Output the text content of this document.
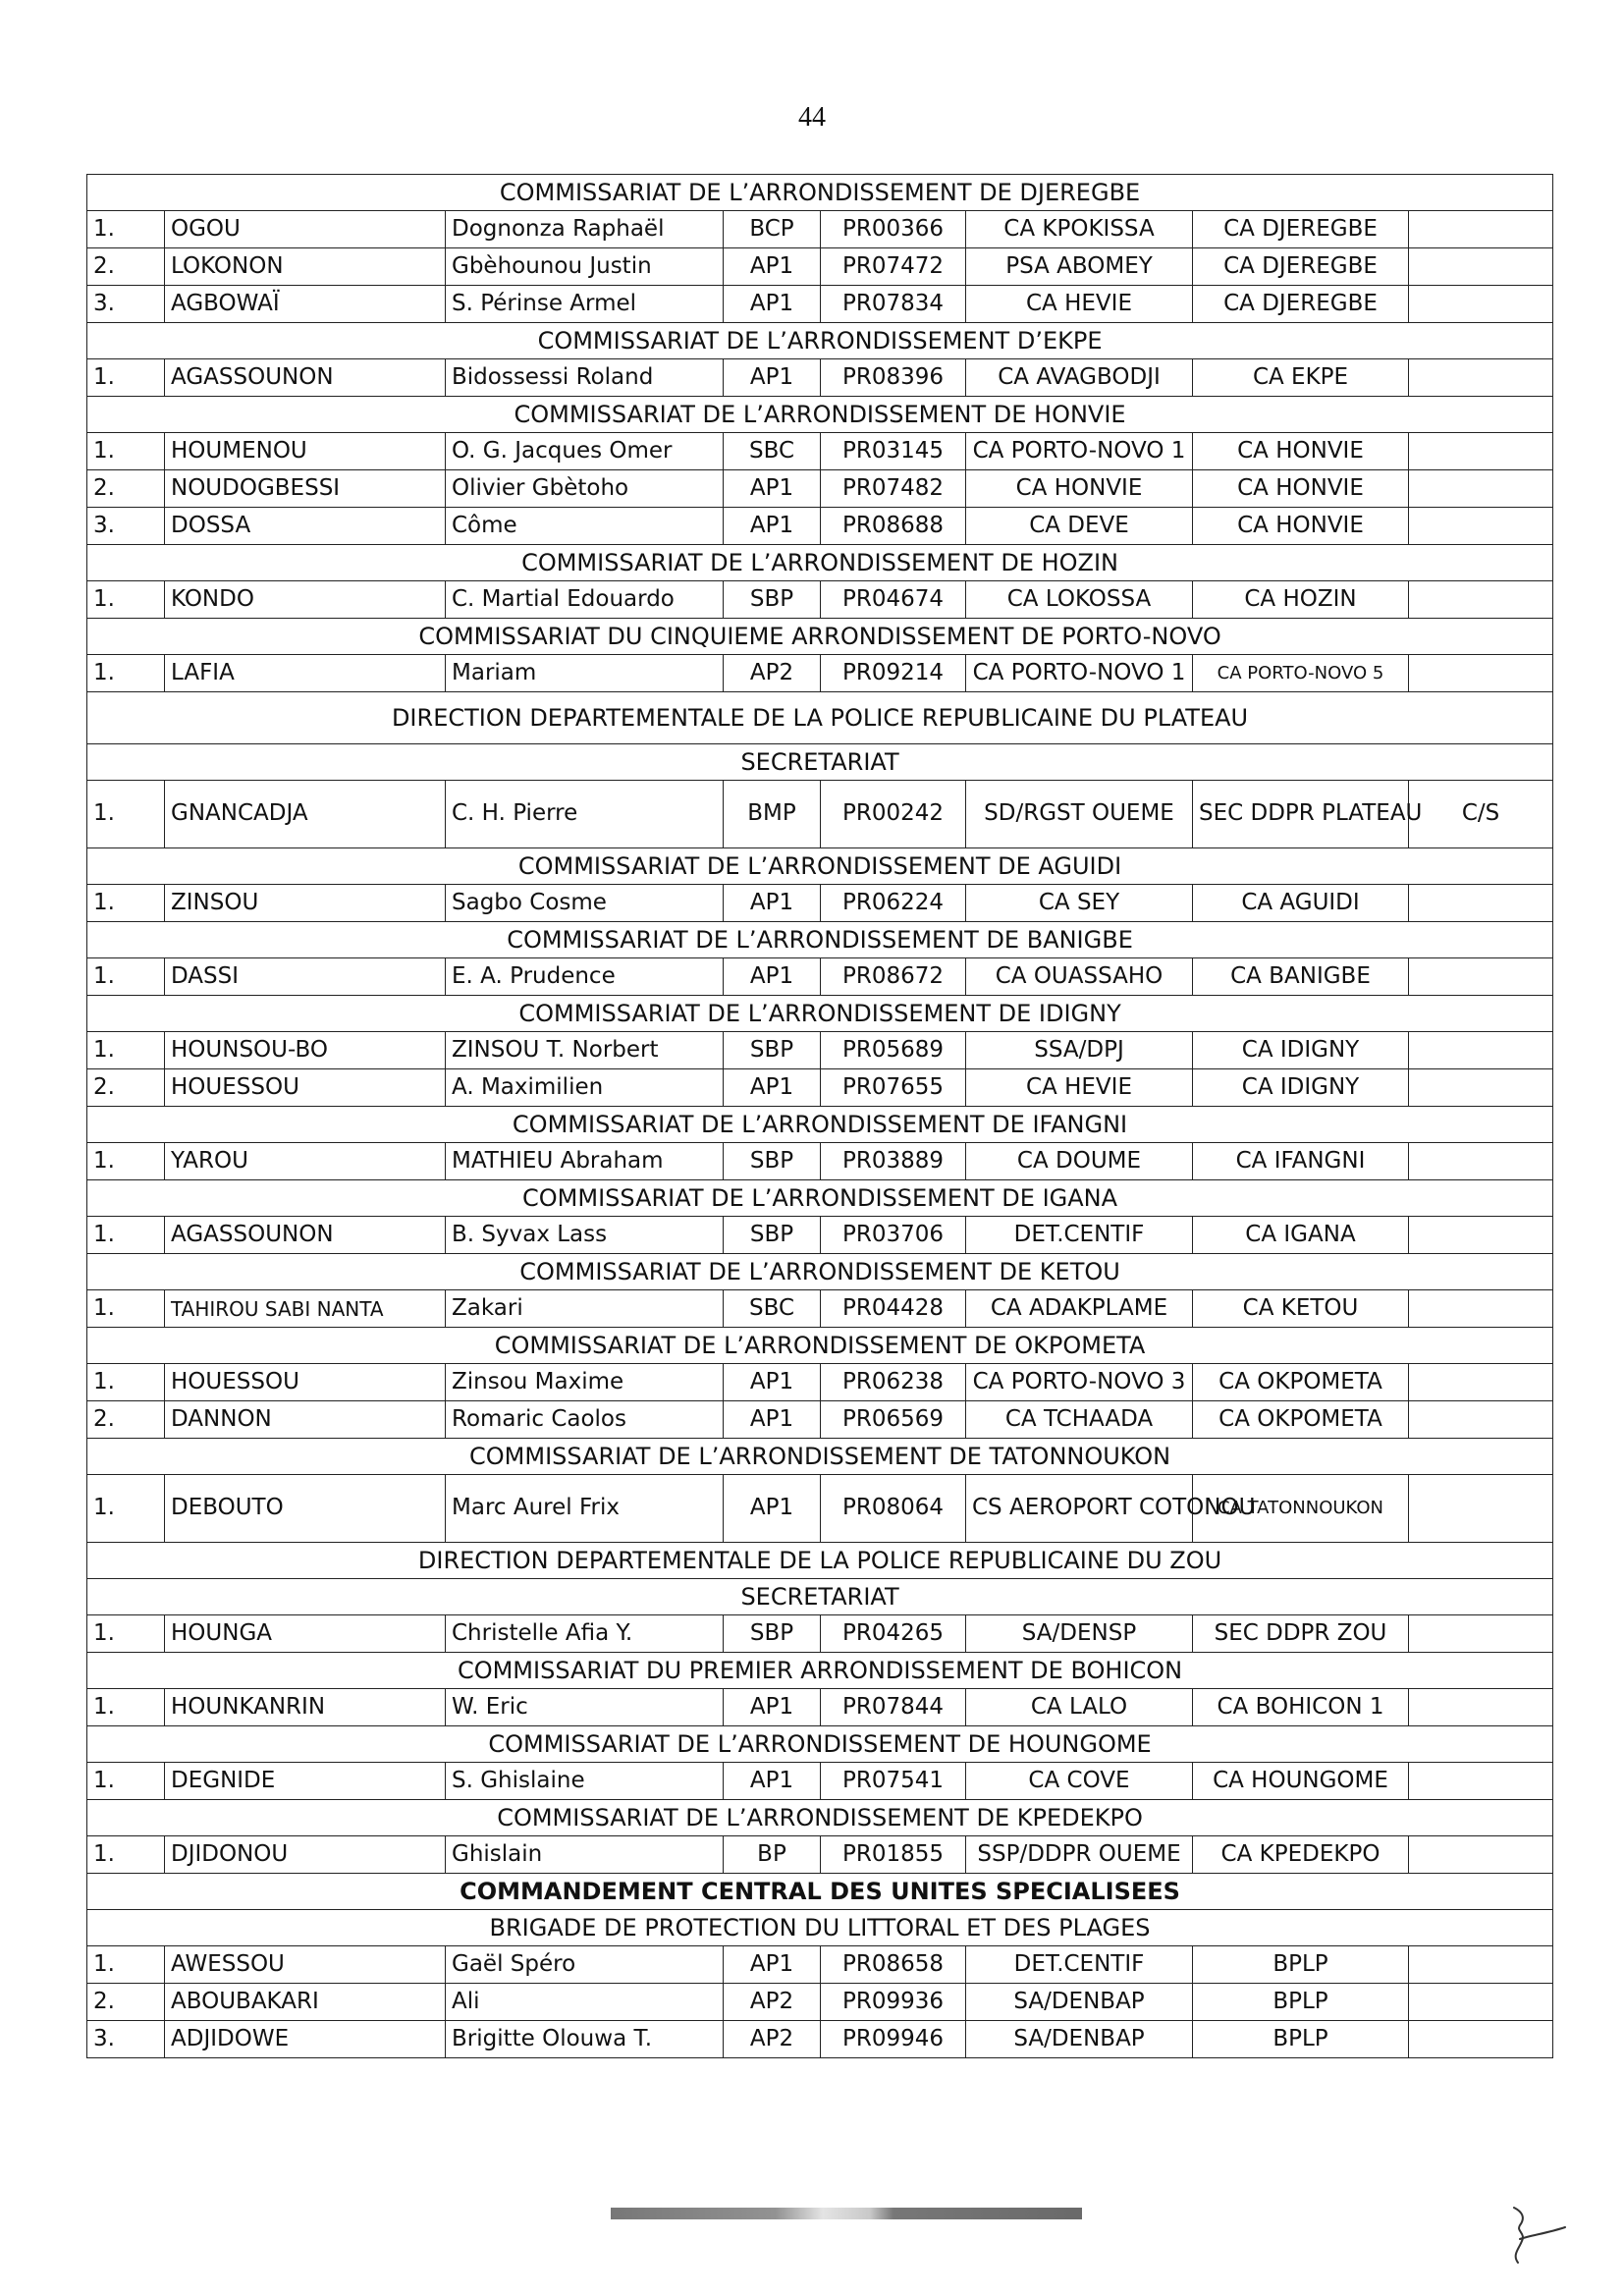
44
COMMISSARIAT DE L’ARRONDISSEMENT DE DJEREGBE							
1.	OGOU	Dognonza Raphaël	BCP	PR00366	CA KPOKISSA	CA DJEREGBE	
2.	LOKONON	Gbèhounou Justin	AP1	PR07472	PSA ABOMEY	CA DJEREGBE	
3.	AGBOWAÏ	S. Périnse Armel	AP1	PR07834	CA HEVIE	CA DJEREGBE	
COMMISSARIAT DE L’ARRONDISSEMENT D’EKPE							
1.	AGASSOUNON	Bidossessi Roland	AP1	PR08396	CA AVAGBODJI	CA EKPE	
COMMISSARIAT DE L’ARRONDISSEMENT DE HONVIE							
1.	HOUMENOU	O. G. Jacques Omer	SBC	PR03145	CA PORTO-NOVO 1	CA HONVIE	
2.	NOUDOGBESSI	Olivier Gbètoho	AP1	PR07482	CA HONVIE	CA HONVIE	
3.	DOSSA	Côme	AP1	PR08688	CA DEVE	CA HONVIE	
COMMISSARIAT DE L’ARRONDISSEMENT DE HOZIN							
1.	KONDO	C. Martial Edouardo	SBP	PR04674	CA LOKOSSA	CA HOZIN	
COMMISSARIAT DU CINQUIEME ARRONDISSEMENT DE PORTO-NOVO							
1.	LAFIA	Mariam	AP2	PR09214	CA PORTO-NOVO 1	CA PORTO-NOVO 5	
DIRECTION DEPARTEMENTALE DE LA POLICE REPUBLICAINE DU PLATEAU							
SECRETARIAT							
1.	GNANCADJA	C. H. Pierre	BMP	PR00242	SD/RGST OUEME	SEC DDPR PLATEAU	C/S
COMMISSARIAT DE L’ARRONDISSEMENT DE AGUIDI							
1.	ZINSOU	Sagbo Cosme	AP1	PR06224	CA SEY	CA AGUIDI	
COMMISSARIAT DE L’ARRONDISSEMENT DE BANIGBE							
1.	DASSI	E. A. Prudence	AP1	PR08672	CA OUASSAHO	CA BANIGBE	
COMMISSARIAT DE L’ARRONDISSEMENT DE IDIGNY							
1.	HOUNSOU-BO	ZINSOU T. Norbert	SBP	PR05689	SSA/DPJ	CA IDIGNY	
2.	HOUESSOU	A. Maximilien	AP1	PR07655	CA HEVIE	CA IDIGNY	
COMMISSARIAT DE L’ARRONDISSEMENT DE IFANGNI							
1.	YAROU	MATHIEU Abraham	SBP	PR03889	CA DOUME	CA IFANGNI	
COMMISSARIAT DE L’ARRONDISSEMENT DE IGANA							
1.	AGASSOUNON	B. Syvax Lass	SBP	PR03706	DET.CENTIF	CA IGANA	
COMMISSARIAT DE L’ARRONDISSEMENT DE KETOU							
1.	TAHIROU SABI NANTA	Zakari	SBC	PR04428	CA ADAKPLAME	CA KETOU	
COMMISSARIAT DE L’ARRONDISSEMENT DE OKPOMETA							
1.	HOUESSOU	Zinsou Maxime	AP1	PR06238	CA PORTO-NOVO 3	CA OKPOMETA	
2.	DANNON	Romaric Caolos	AP1	PR06569	CA TCHAADA	CA OKPOMETA	
COMMISSARIAT DE L’ARRONDISSEMENT DE TATONNOUKON							
1.	DEBOUTO	Marc Aurel Frix	AP1	PR08064	CS AEROPORT COTONOU	CA TATONNOUKON	
DIRECTION DEPARTEMENTALE DE LA POLICE REPUBLICAINE DU ZOU							
SECRETARIAT							
1.	HOUNGA	Christelle Afia Y.	SBP	PR04265	SA/DENSP	SEC DDPR ZOU	
COMMISSARIAT DU PREMIER ARRONDISSEMENT DE BOHICON							
1.	HOUNKANRIN	W. Eric	AP1	PR07844	CA LALO	CA BOHICON 1	
COMMISSARIAT DE L’ARRONDISSEMENT DE HOUNGOME							
1.	DEGNIDE	S. Ghislaine	AP1	PR07541	CA COVE	CA HOUNGOME	
COMMISSARIAT DE L’ARRONDISSEMENT DE KPEDEKPO							
1.	DJIDONOU	Ghislain	BP	PR01855	SSP/DDPR OUEME	CA KPEDEKPO	
COMMANDEMENT CENTRAL DES UNITES SPECIALISEES							
BRIGADE DE PROTECTION DU LITTORAL ET DES PLAGES							
1.	AWESSOU	Gaël Spéro	AP1	PR08658	DET.CENTIF	BPLP	
2.	ABOUBAKARI	Ali	AP2	PR09936	SA/DENBAP	BPLP	
3.	ADJIDOWE	Brigitte Olouwa T.	AP2	PR09946	SA/DENBAP	BPLP	
